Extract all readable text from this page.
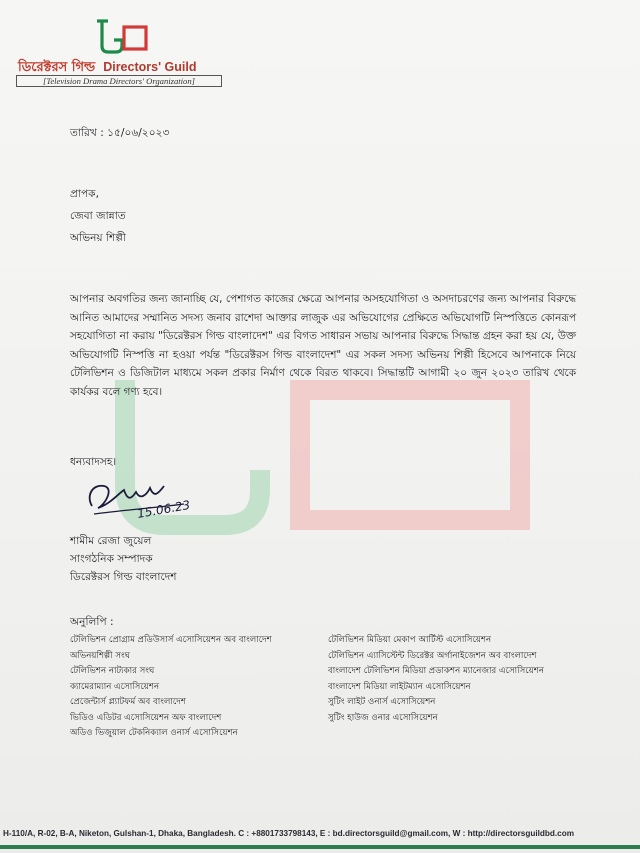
ডিরেক্টরস গিল্ড Directors' Guild
[Television Drama Directors' Organization]
তারিখ : ১৫/০৬/২০২৩
প্রাপক,
জেবা জান্নাত
অভিনয় শিল্পী
আপনার অবগতির জন্য জানাচ্ছি যে, পেশাগত কাজের ক্ষেত্রে আপনার অসহযোগিতা ও অসদাচরণের জন্য আপনার বিরুদ্ধে আনিত আমাদের সম্মানিত সদস্য জনাব রাশেদা আক্তার লাজুক এর অভিযোগের প্রেক্ষিতে অভিযোগটি নিস্পত্তিতে কোনরূপ সহযোগিতা না করায় "ডিরেক্টরস গিল্ড বাংলাদেশ" এর বিগত সাধারন সভায় আপনার বিরুদ্ধে সিদ্ধান্ত গ্রহন করা হয় যে, উক্ত অভিযোগটি নিস্পত্তি না হওয়া পর্যন্ত "ডিরেক্টরস গিল্ড বাংলাদেশ" এর সকল সদস্য অভিনয় শিল্পী হিসেবে আপনাকে নিয়ে টেলিভিশন ও ডিজিটাল মাধ্যমে সকল প্রকার নির্মাণ থেকে বিরত থাকবে। সিদ্ধান্তটি আগামী ২০ জুন ২০২৩ তারিখ থেকে কার্যকর বলে গণ্য হবে।
ধন্যবাদসহ।
15.06.23
শামীম রেজা জুয়েল
সাংগঠনিক সম্পাদক
ডিরেক্টরস গিল্ড বাংলাদেশ
অনুলিপি :
টেলিভিশন প্রোগ্রাম প্রডিউসার্স এসোসিয়েশন অব বাংলাদেশ
অভিনয়শিল্পী সংঘ
টেলিভিশন নাট্যকার সংঘ
ক্যামেরাম্যান এসোসিয়েশন
প্রেজেন্টার্স প্ল্যাটফর্ম অব বাংলাদেশ
ভিডিও এডিটর এসোসিয়েশন অফ বাংলাদেশ
অডিও ভিজুয়াল টেকনিক্যাল ওনার্স এসোসিয়েশন
টেলিভিশন মিডিয়া মেকাপ আর্টিস্ট এসোসিয়েশন
টেলিভিশন এ্যাসিস্টেন্ট ডিরেক্টর অর্গানাইজেশন অব বাংলাদেশ
বাংলাদেশ টেলিভিশন মিডিয়া প্রডাকশন ম্যানেজার এসোসিয়েশন
বাংলাদেশ মিডিয়া লাইটম্যান এসোসিয়েশন
সুটিং লাইট ওনার্স এসোসিয়েশন
সুটিং হাউজ ওনার এসোসিয়েশন
H-110/A, R-02, B-A, Niketon, Gulshan-1, Dhaka, Bangladesh. C : +8801733798143, E : bd.directorsguild@gmail.com, W : http://directorsguildbd.com
